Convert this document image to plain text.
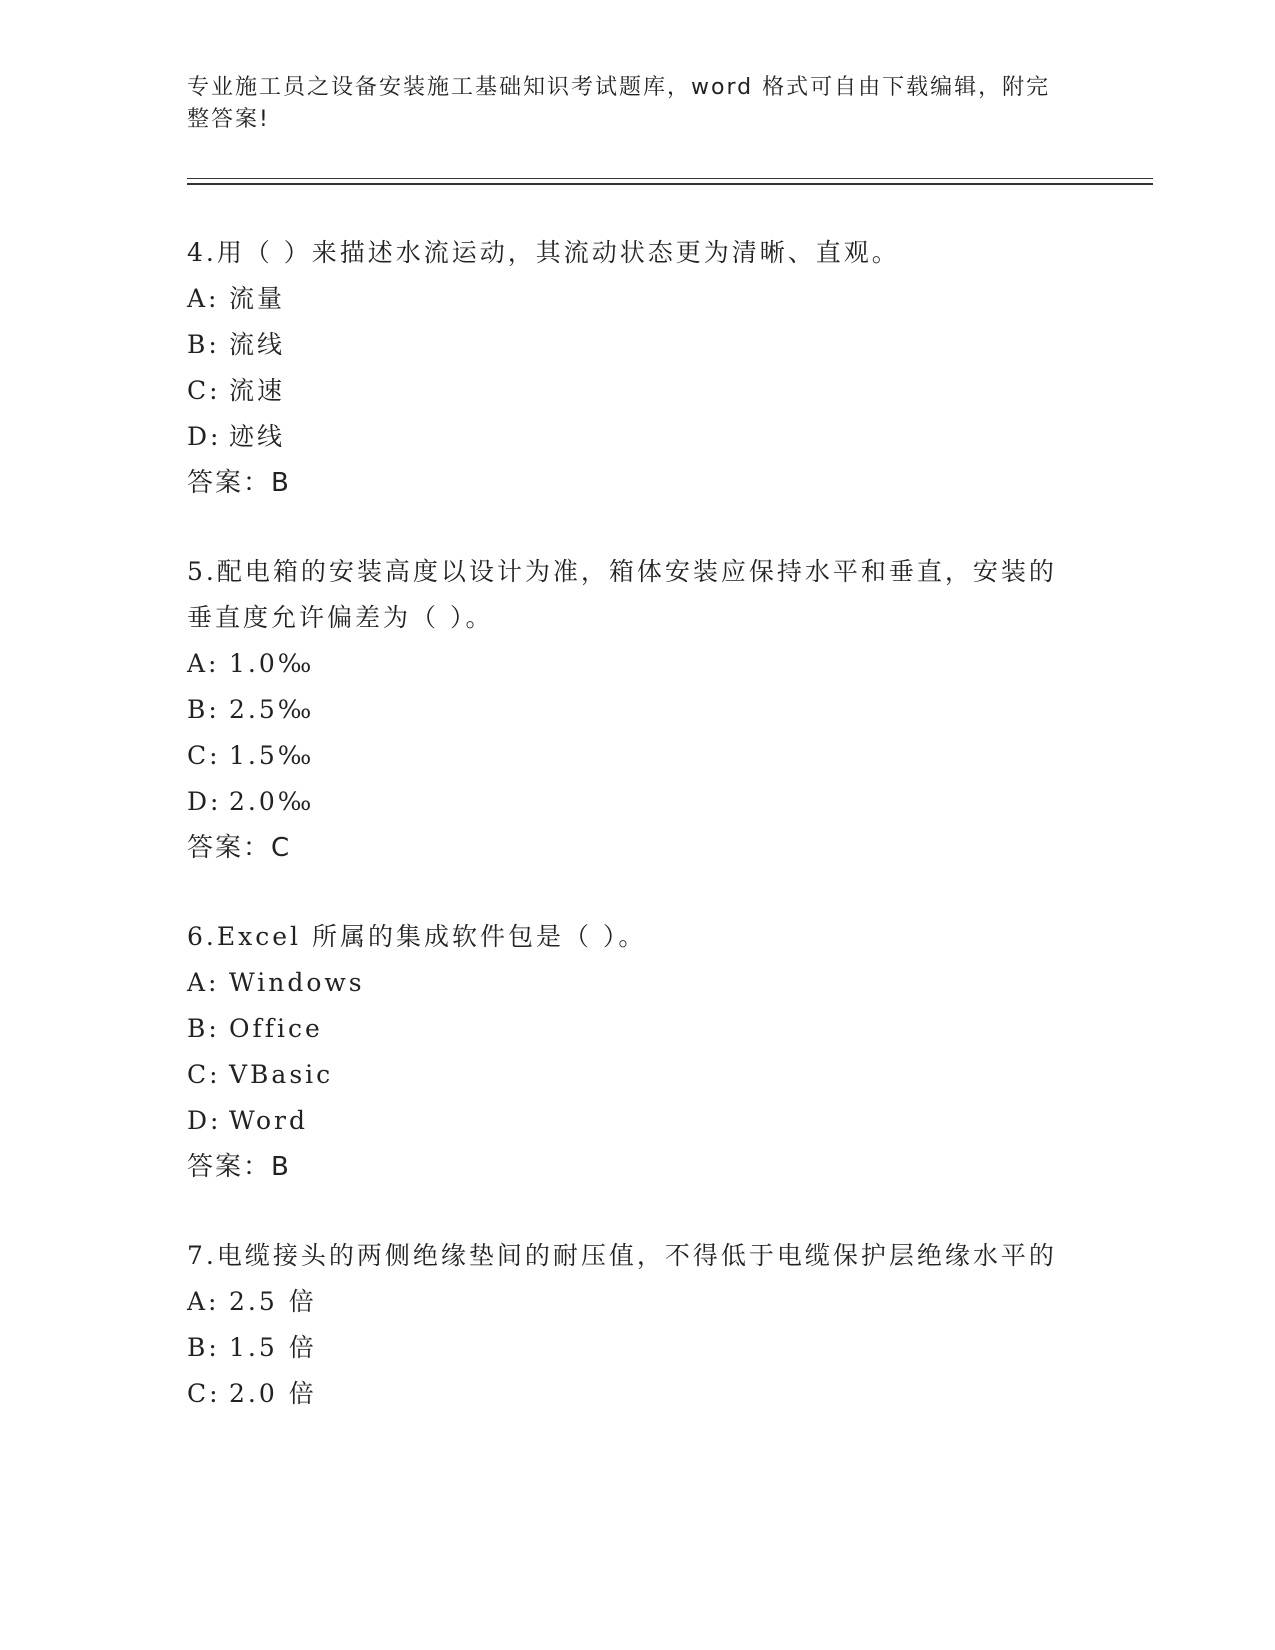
专业施工员之设备安装施工基础知识考试题库，word 格式可自由下载编辑，附完整答案!
4.用（ ）来描述水流运动，其流动状态更为清晰、直观。
A: 流量
B: 流线
C: 流速
D: 迹线
答案：B
5.配电箱的安装高度以设计为准，箱体安装应保持水平和垂直，安装的垂直度允许偏差为（ ）。
A: 1.0‰
B: 2.5‰
C: 1.5‰
D: 2.0‰
答案：C
6.Excel 所属的集成软件包是（ ）。
A: Windows
B: Office
C: VBasic
D: Word
答案：B
7.电缆接头的两侧绝缘垫间的耐压值，不得低于电缆保护层绝缘水平的
A: 2.5 倍
B: 1.5 倍
C: 2.0 倍
